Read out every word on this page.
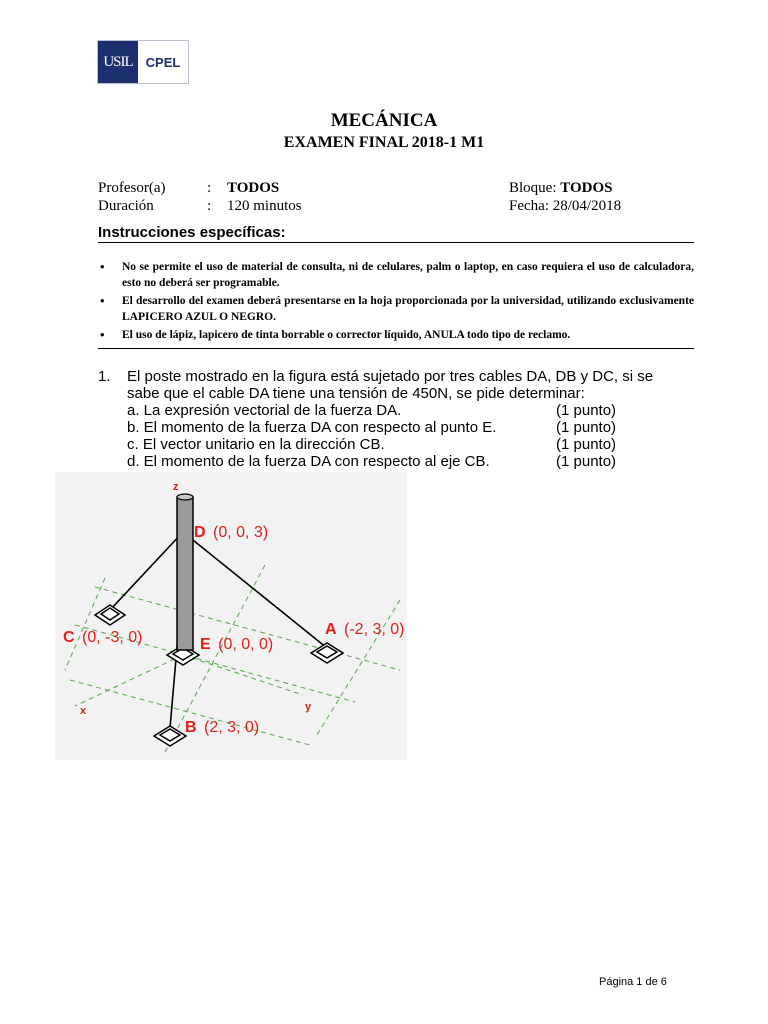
USIL CPEL
MECÁNICA
EXAMEN FINAL 2018-1 M1
Profesor(a)	: TODOS
Duración	: 120 minutos
Bloque: TODOS
Fecha: 28/04/2018
Instrucciones específicas:
• No se permite el uso de material de consulta, ni de celulares, palm o laptop, en caso requiera el uso de calculadora, esto no deberá ser programable.
• El desarrollo del examen deberá presentarse en la hoja proporcionada por la universidad, utilizando exclusivamente LAPICERO AZUL O NEGRO.
• El uso de lápiz, lapicero de tinta borrable o corrector líquido, ANULA todo tipo de reclamo.
1. El poste mostrado en la figura está sujetado por tres cables DA, DB y DC, si se
sabe que el cable DA tiene una tensión de 450N, se pide determinar:
a. La expresión vectorial de la fuerza DA.	(1 punto)
b. El momento de la fuerza DA con respecto al punto E.	(1 punto)
c. El vector unitario en la dirección CB.	(1 punto)
d. El momento de la fuerza DA con respecto al eje CB.	(1 punto)
z
x	y
D (0, 0, 3)
C (0, -3, 0)	E (0, 0, 0)
A (-2, 3, 0)
B (2, 3, 0)
Página 1 de 6
